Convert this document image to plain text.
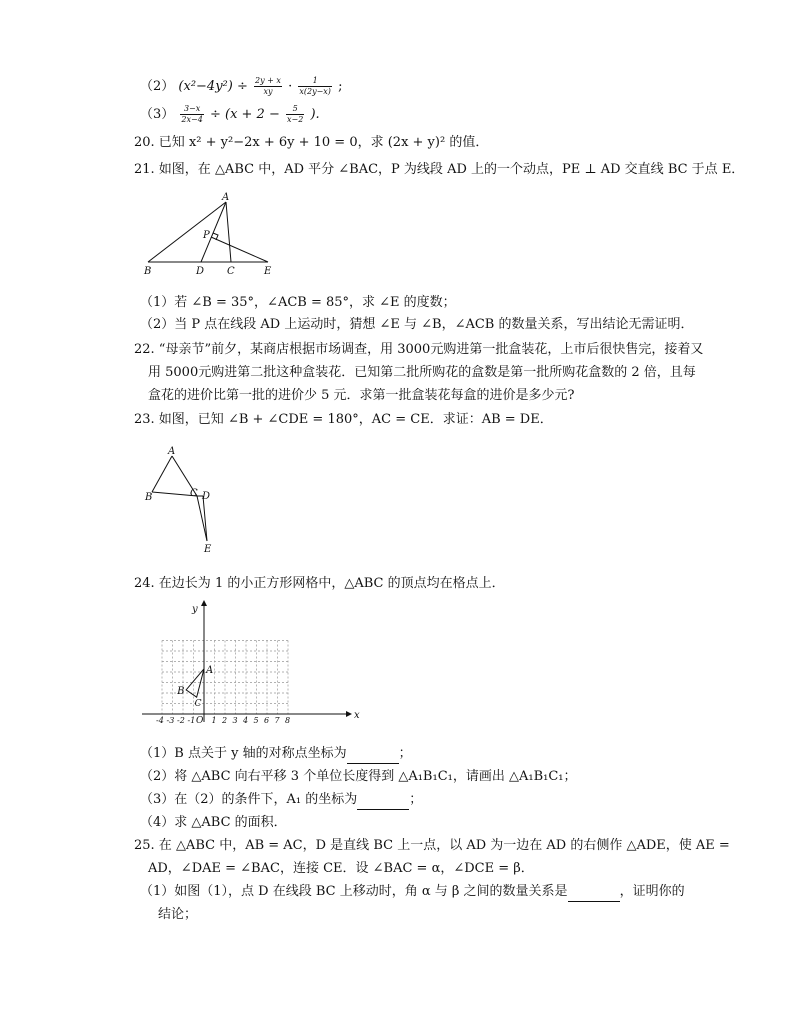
（2） $(x^2-4y^2) \div \frac{2y + x}{xy} \cdot \frac{1}{x(2y-x)}$ ;
$(3) \frac{3-x}{2x-4} \div (x + 2 - \frac{5}{x-2}$ ).
20. 已知 x² + y²−2x + 6y + 10 = 0，求 (2x + y)² 的值．
21. 如图，在 △ABC 中，AD 平分 ∠BAC，P 为线段 AD 上的一个动点，PE ⊥ AD 交直线 BC 于点 E．
A
P
B	D C	E
（1）若 ∠B = 35°，∠ACB = 85°，求 ∠E 的度数；
（2）当 P 点在线段 AD 上运动时，猜想 ∠E 与 ∠B，∠ACB 的数量关系，写出结论无需证明．
22. “母亲节”前夕，某商店根据市场调查，用 3000元购进第一批盒装花，上市后很快售完，接着又
用 5000元购进第二批这种盒装花．已知第二批所购花的盒数是第一批所购花盒数的 2 倍，且每
盒花的进价比第一批的进价少 5 元．求第一批盒装花每盒的进价是多少元?
23. 如图，已知 ∠B + ∠CDE = 180°，AC = CE．求证：AB = DE．
A
B	C D
E
24. 在边长为 1 的小正方形网格中，△ABC 的顶点均在格点上．
x
y
O
-4 -3 -2 -1 1 2 3 4 5 6 7 8
A
B
C
（1）B 点关于 y 轴的对称点坐标为	；
（2）将 △ABC 向右平移 3 个单位长度得到 △A₁B₁C₁，请画出 △A₁B₁C₁；
（3）在（2）的条件下，A₁ 的坐标为	；
（4）求 △ABC 的面积．
25. 在 △ABC 中，AB = AC，D 是直线 BC 上一点，以 AD 为一边在 AD 的右侧作 △ADE，使 AE =
AD，∠DAE = ∠BAC，连接 CE．设 ∠BAC = α，∠DCE = β．
（1）如图（1），点 D 在线段 BC 上移动时，角 α 与 β 之间的数量关系是	，证明你的
结论；
